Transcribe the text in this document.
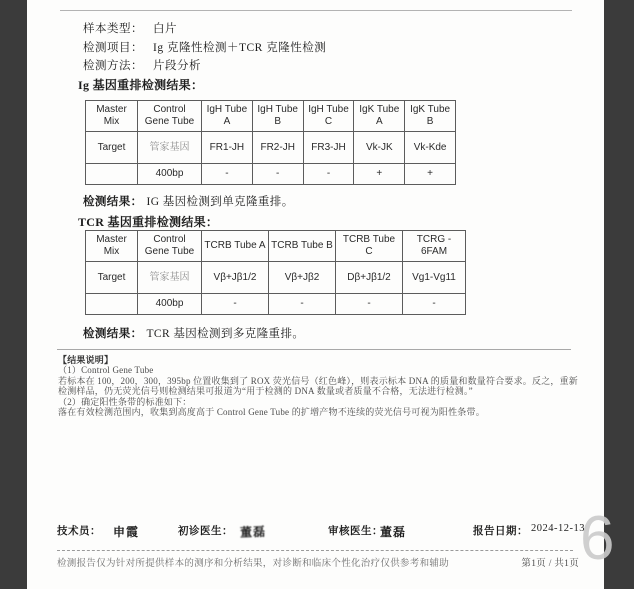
样本类型： 白片
检测项目： Ig 克隆性检测＋TCR 克隆性检测
检测方法： 片段分析
Ig 基因重排检测结果：
Master Mix	Control Gene Tube	IgH Tube A	IgH Tube B	IgH Tube C	IgK Tube A	IgK Tube B
Target	管家基因	FR1-JH	FR2-JH	FR3-JH	Vk-JK	Vk-Kde
	400bp	-	-	-	+	+
检测结果： IG 基因检测到单克隆重排。
TCR 基因重排检测结果：
Master Mix	Control Gene Tube	TCRB Tube A	TCRB Tube B	TCRB Tube C	TCRG - 6FAM
Target	管家基因	Vβ+Jβ1/2	Vβ+Jβ2	Dβ+Jβ1/2	Vg1-Vg11
	400bp	-	-	-	-
检测结果： TCR 基因检测到多克隆重排。
【结果说明】
（1）Control Gene Tube
若标本在 100，200，300，395bp 位置收集到了 ROX 荧光信号（红色峰），则表示标本 DNA 的质量和数量符合要求。反之，重新
检测样品，仍无荧光信号则检测结果可报道为“用于检测的 DNA 数量或者质量不合格，无法进行检测。”
（2）确定阳性条带的标准如下：
落在有效检测范围内，收集到高度高于 Control Gene Tube 的扩增产物不连续的荧光信号可视为阳性条带。
技术员： 申霞	初诊医生： 董磊	审核医生：
董磊	报告日期： 2024-12-13
检测报告仅为针对所提供样本的测序和分析结果，对诊断和临床个性化治疗仅供参考和辅助	第1页 / 共1页 6
